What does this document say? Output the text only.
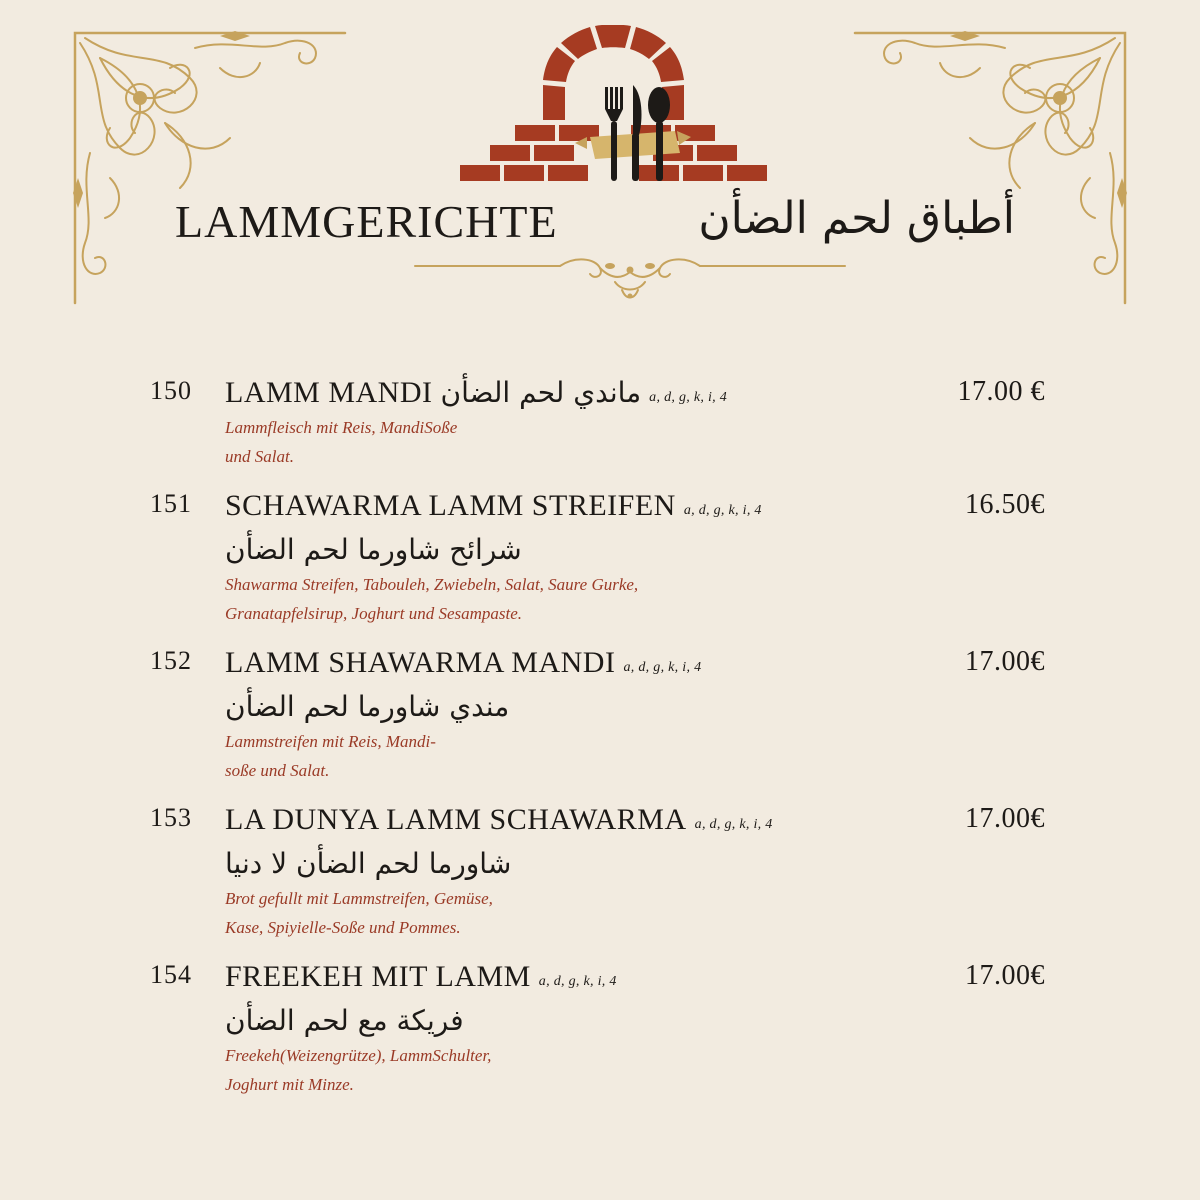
LAMMGERICHTE	أطباق لحم الضأن
150	LAMM MANDI ماندي لحم الضأن a, d, g, k, i, 4
Lammfleisch mit Reis, MandiSoße
und Salat.
17.00 €
151	SCHAWARMA LAMM STREIFEN a, d, g, k, i, 4
شرائح شاورما لحم الضأن
Shawarma Streifen, Tabouleh, Zwiebeln, Salat, Saure Gurke,
Granatapfelsirup, Joghurt und Sesampaste.
16.50€
152	LAMM SHAWARMA MANDI a, d, g, k, i, 4
مندي شاورما لحم الضأن
Lammstreifen mit Reis, Mandi-
soße und Salat.
17.00€
153	LA DUNYA LAMM SCHAWARMA a, d, g, k, i, 4
شاورما لحم الضأن لا دنيا
Brot gefullt mit Lammstreifen, Gemüse,
Kase, Spiyielle-Soße und Pommes.
17.00€
154	FREEKEH MIT LAMM a, d, g, k, i, 4
فريكة مع لحم الضأن
Freekeh(Weizengrütze), LammSchulter,
Joghurt mit Minze.
17.00€
